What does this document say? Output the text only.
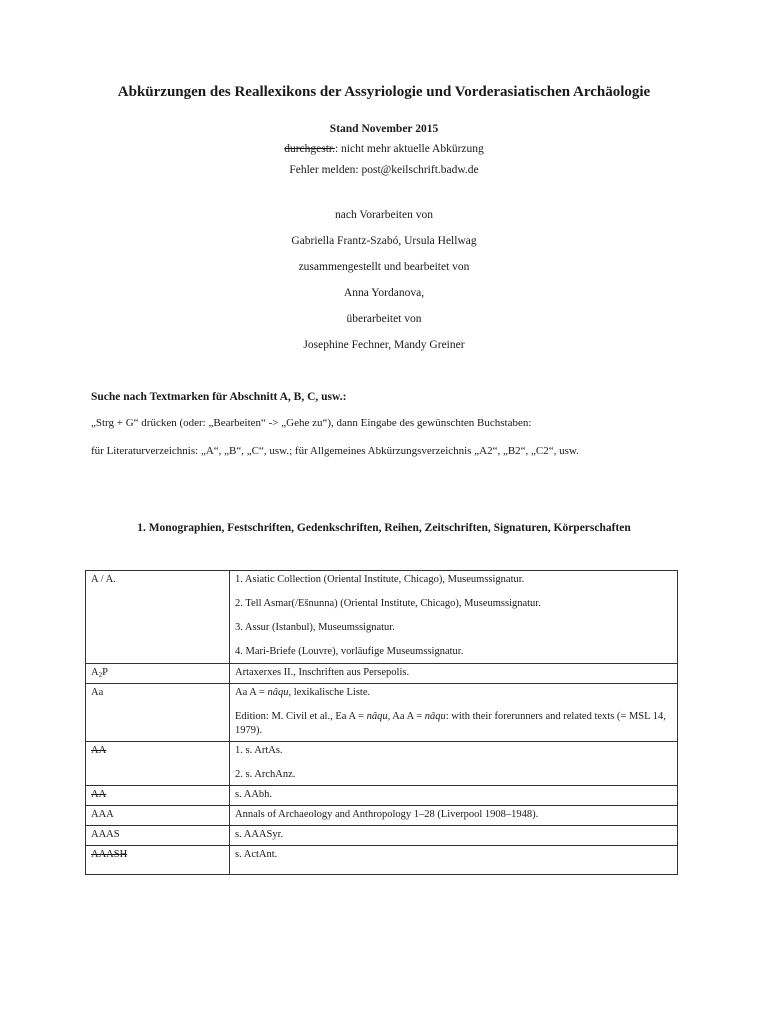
Abkürzungen des Reallexikons der Assyriologie und Vorderasiatischen Archäologie
Stand November 2015
durchgestr.: nicht mehr aktuelle Abkürzung
Fehler melden: post@keilschrift.badw.de
nach Vorarbeiten von
Gabriella Frantz-Szabó, Ursula Hellwag
zusammengestellt und bearbeitet von
Anna Yordanova,
überarbeitet von
Josephine Fechner, Mandy Greiner
Suche nach Textmarken für Abschnitt A, B, C, usw.:
„Strg + G“ drücken (oder: „Bearbeiten“ -> „Gehe zu“), dann Eingabe des gewünschten Buchstaben:
für Literaturverzeichnis: „A“, „B“, „C“, usw.; für Allgemeines Abkürzungsverzeichnis „A2“, „B2“, „C2“, usw.
1. Monographien, Festschriften, Gedenkschriften, Reihen, Zeitschriften, Signaturen, Körperschaften
A / A.	1. Asiatic Collection (Oriental Institute, Chicago), Museumssignatur.

2. Tell Asmar(/Ešnunna) (Oriental Institute, Chicago), Museumssignatur.

3. Assur (Istanbul), Museumssignatur.

4. Mari-Briefe (Louvre), vorläufige Museumssignatur.

$A_2P$	Artaxerxes II., Inschriften aus Persepolis.

Aa	Aa A = nâqu, lexikalische Liste.

Edition: M. Civil et al., Ea A = nâqu, Aa A = nâqu: with their forerunners and related texts (= MSL 14, 1979).

AA	1. s. ArtAs.

2. s. ArchAnz.

AA	s. AAbh.

AAA	Annals of Archaeology and Anthropology 1–28 (Liverpool 1908–1948).

AAAS	s. AAASyr.

AAASH	s. ActAnt.
